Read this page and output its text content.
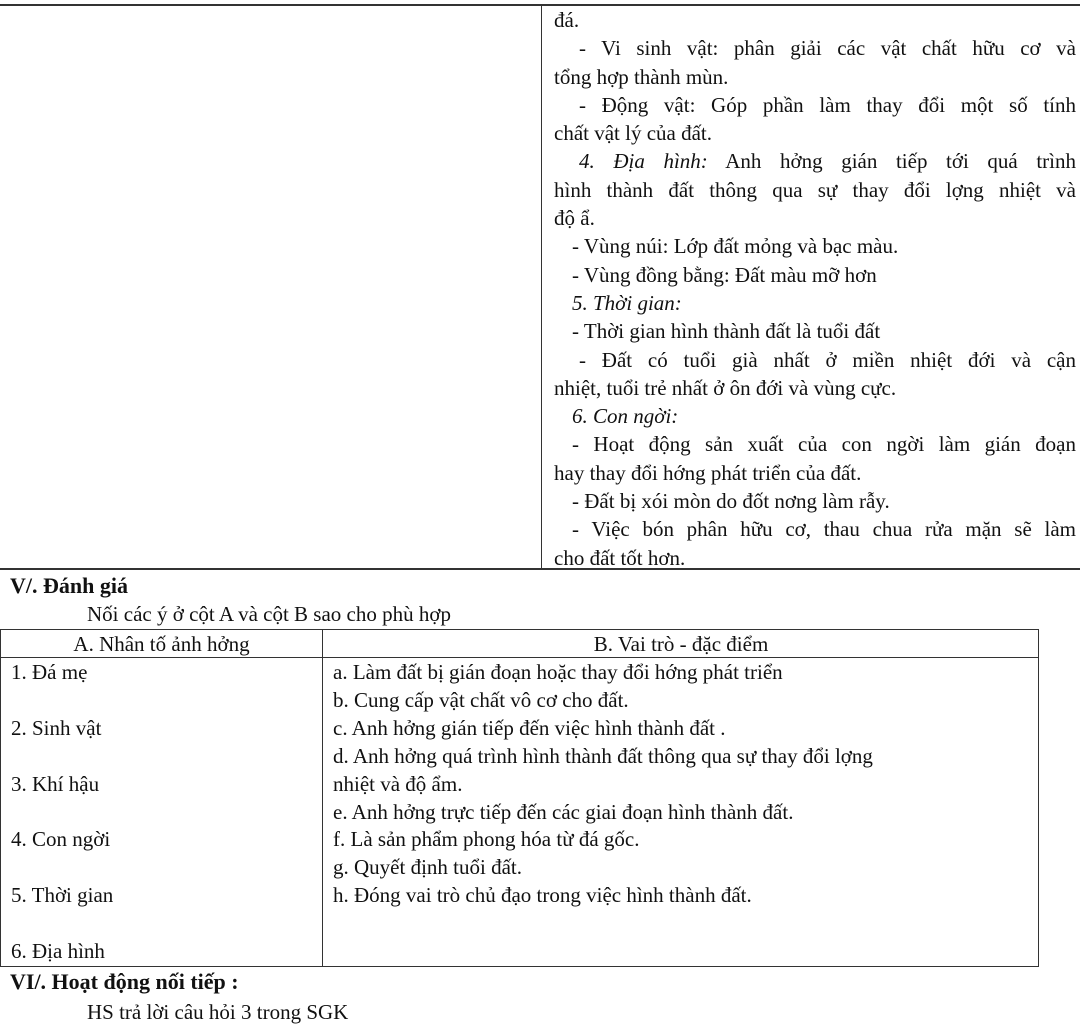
đá.
- Vi sinh vật: phân giải các vật chất hữu cơ và
tổng hợp thành mùn.
- Động vật: Góp phần làm thay đổi một số tính
chất vật lý của đất.
4. Địa hình: Anh hởng gián tiếp tới quá trình
hình thành đất thông qua sự thay đổi lợng nhiệt và
độ ẩ.
- Vùng núi: Lớp đất mỏng và bạc màu.
- Vùng đồng bằng: Đất màu mỡ hơn
5. Thời gian:
- Thời gian hình thành đất là tuổi đất
- Đất có tuổi già nhất ở miền nhiệt đới và cận
nhiệt, tuổi trẻ nhất ở ôn đới và vùng cực.
6. Con ngời:
- Hoạt động sản xuất của con ngời làm gián đoạn
hay thay đổi hớng phát triển của đất.
- Đất bị xói mòn do đốt nơng làm rẫy.
- Việc bón phân hữu cơ, thau chua rửa mặn sẽ làm
cho đất tốt hơn.
V/. Đánh giá
Nối các ý ở cột A và cột B sao cho phù hợp
A. Nhân tố ảnh hởng	B. Vai trò - đặc điểm
1. Đá mẹ
2. Sinh vật
3. Khí hậu
4. Con ngời
5. Thời gian
6. Địa hình
a. Làm đất bị gián đoạn hoặc thay đổi hớng phát triển
b. Cung cấp vật chất vô cơ cho đất.
c. Anh hởng gián tiếp đến việc hình thành đất .
d. Anh hởng quá trình hình thành đất thông qua sự thay đổi lợng
nhiệt và độ ẩm.
e. Anh hởng trực tiếp đến các giai đoạn hình thành đất.
f. Là sản phẩm phong hóa từ đá gốc.
g. Quyết định tuổi đất.
h. Đóng vai trò chủ đạo trong việc hình thành đất.
VI/. Hoạt động nối tiếp :
HS trả lời câu hỏi 3 trong SGK
